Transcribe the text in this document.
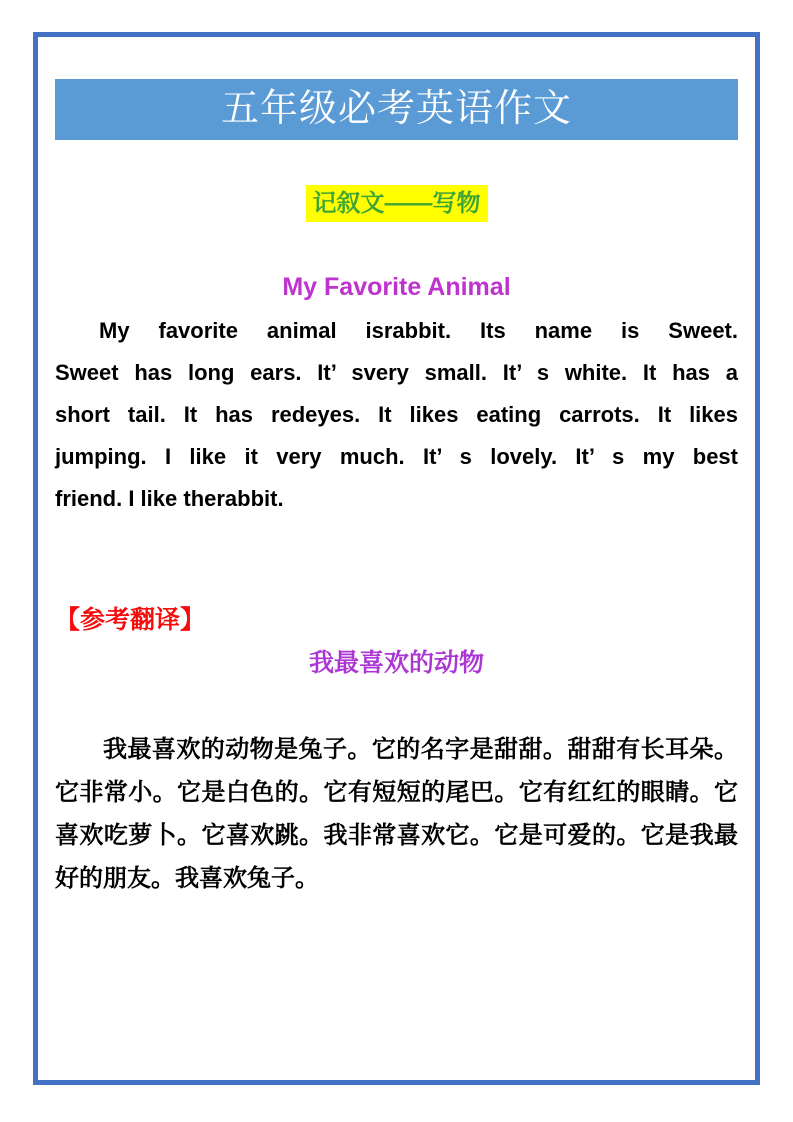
五年级必考英语作文
记叙文——写物
My Favorite Animal
My favorite animal israbbit. Its name is Sweet.
Sweet has long ears. It’ svery small. It’ s white. It has a
short tail. It has redeyes. It likes eating carrots. It likes
jumping. I like it very much. It’ s lovely. It’ s my best
friend. I like therabbit.
【参考翻译】
我最喜欢的动物
我最喜欢的动物是兔子。它的名字是甜甜。甜甜有长耳朵。
它非常小。它是白色的。它有短短的尾巴。它有红红的眼睛。它
喜欢吃萝卜。它喜欢跳。我非常喜欢它。它是可爱的。它是我最
好的朋友。我喜欢兔子。
